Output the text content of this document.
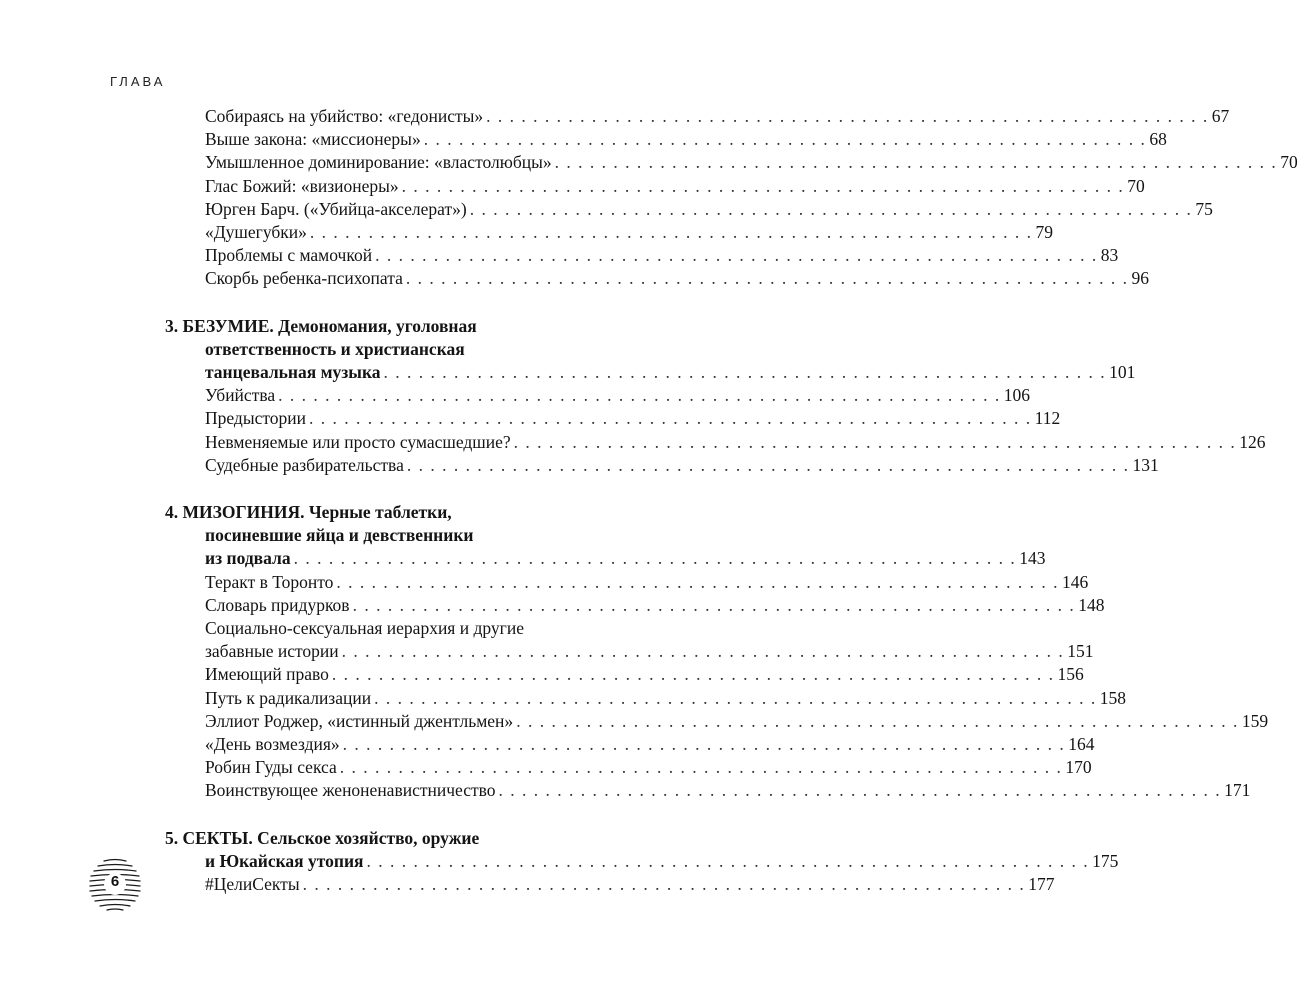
ГЛАВА
Собираясь на убийство: «гедонисты» . . . . . . . . . . . . . . . . . . . . . . . . . . . . . . . . . . . . . . . . . . . . . . . . . . . . . . . . . . . . . . 67
Выше закона: «миссионеры» . . . . . . . . . . . . . . . . . . . . . . . . . . . . . . . . . . . . . . . . . . . . . . . . . . . . . . . . . . . . . . 68
Умышленное доминирование: «властолюбцы» . . . . . . . . . . . . . . . . . . . . . . . . . . . . . . . . . . . . . . . . . . . . . . . . . . . . . . . . . . . . . . 70
Глас Божий: «визионеры» . . . . . . . . . . . . . . . . . . . . . . . . . . . . . . . . . . . . . . . . . . . . . . . . . . . . . . . . . . . . . . 70
Юрген Барч. («Убийца-акселерат») . . . . . . . . . . . . . . . . . . . . . . . . . . . . . . . . . . . . . . . . . . . . . . . . . . . . . . . . . . . . . . 75
«Душегубки» . . . . . . . . . . . . . . . . . . . . . . . . . . . . . . . . . . . . . . . . . . . . . . . . . . . . . . . . . . . . . . 79
Проблемы с мамочкой . . . . . . . . . . . . . . . . . . . . . . . . . . . . . . . . . . . . . . . . . . . . . . . . . . . . . . . . . . . . . . 83
Скорбь ребенка-психопата . . . . . . . . . . . . . . . . . . . . . . . . . . . . . . . . . . . . . . . . . . . . . . . . . . . . . . . . . . . . . . 96
3. БЕЗУМИЕ. Демономания, уголовная
ответственность и христианская
танцевальная музыка . . . . . . . . . . . . . . . . . . . . . . . . . . . . . . . . . . . . . . . . . . . . . . . . . . . . . . . . . . . . . . 101
Убийства . . . . . . . . . . . . . . . . . . . . . . . . . . . . . . . . . . . . . . . . . . . . . . . . . . . . . . . . . . . . . . 106
Предыстории . . . . . . . . . . . . . . . . . . . . . . . . . . . . . . . . . . . . . . . . . . . . . . . . . . . . . . . . . . . . . . 112
Невменяемые или просто сумасшедшие? . . . . . . . . . . . . . . . . . . . . . . . . . . . . . . . . . . . . . . . . . . . . . . . . . . . . . . . . . . . . . . 126
Судебные разбирательства . . . . . . . . . . . . . . . . . . . . . . . . . . . . . . . . . . . . . . . . . . . . . . . . . . . . . . . . . . . . . . 131
4. МИЗОГИНИЯ. Черные таблетки,
посиневшие яйца и девственники
из подвала . . . . . . . . . . . . . . . . . . . . . . . . . . . . . . . . . . . . . . . . . . . . . . . . . . . . . . . . . . . . . . 143
Теракт в Торонто . . . . . . . . . . . . . . . . . . . . . . . . . . . . . . . . . . . . . . . . . . . . . . . . . . . . . . . . . . . . . . 146
Словарь придурков . . . . . . . . . . . . . . . . . . . . . . . . . . . . . . . . . . . . . . . . . . . . . . . . . . . . . . . . . . . . . . 148
Социально-сексуальная иерархия и другие
забавные истории . . . . . . . . . . . . . . . . . . . . . . . . . . . . . . . . . . . . . . . . . . . . . . . . . . . . . . . . . . . . . . 151
Имеющий право . . . . . . . . . . . . . . . . . . . . . . . . . . . . . . . . . . . . . . . . . . . . . . . . . . . . . . . . . . . . . . 156
Путь к радикализации . . . . . . . . . . . . . . . . . . . . . . . . . . . . . . . . . . . . . . . . . . . . . . . . . . . . . . . . . . . . . . 158
Эллиот Роджер, «истинный джентльмен» . . . . . . . . . . . . . . . . . . . . . . . . . . . . . . . . . . . . . . . . . . . . . . . . . . . . . . . . . . . . . . 159
«День возмездия» . . . . . . . . . . . . . . . . . . . . . . . . . . . . . . . . . . . . . . . . . . . . . . . . . . . . . . . . . . . . . . 164
Робин Гуды секса . . . . . . . . . . . . . . . . . . . . . . . . . . . . . . . . . . . . . . . . . . . . . . . . . . . . . . . . . . . . . . 170
Воинствующее женоненавистничество . . . . . . . . . . . . . . . . . . . . . . . . . . . . . . . . . . . . . . . . . . . . . . . . . . . . . . . . . . . . . . 171
5. СЕКТЫ. Сельское хозяйство, оружие
и Юкайская утопия . . . . . . . . . . . . . . . . . . . . . . . . . . . . . . . . . . . . . . . . . . . . . . . . . . . . . . . . . . . . . . 175
#ЦелиСекты . . . . . . . . . . . . . . . . . . . . . . . . . . . . . . . . . . . . . . . . . . . . . . . . . . . . . . . . . . . . . . 177
6
